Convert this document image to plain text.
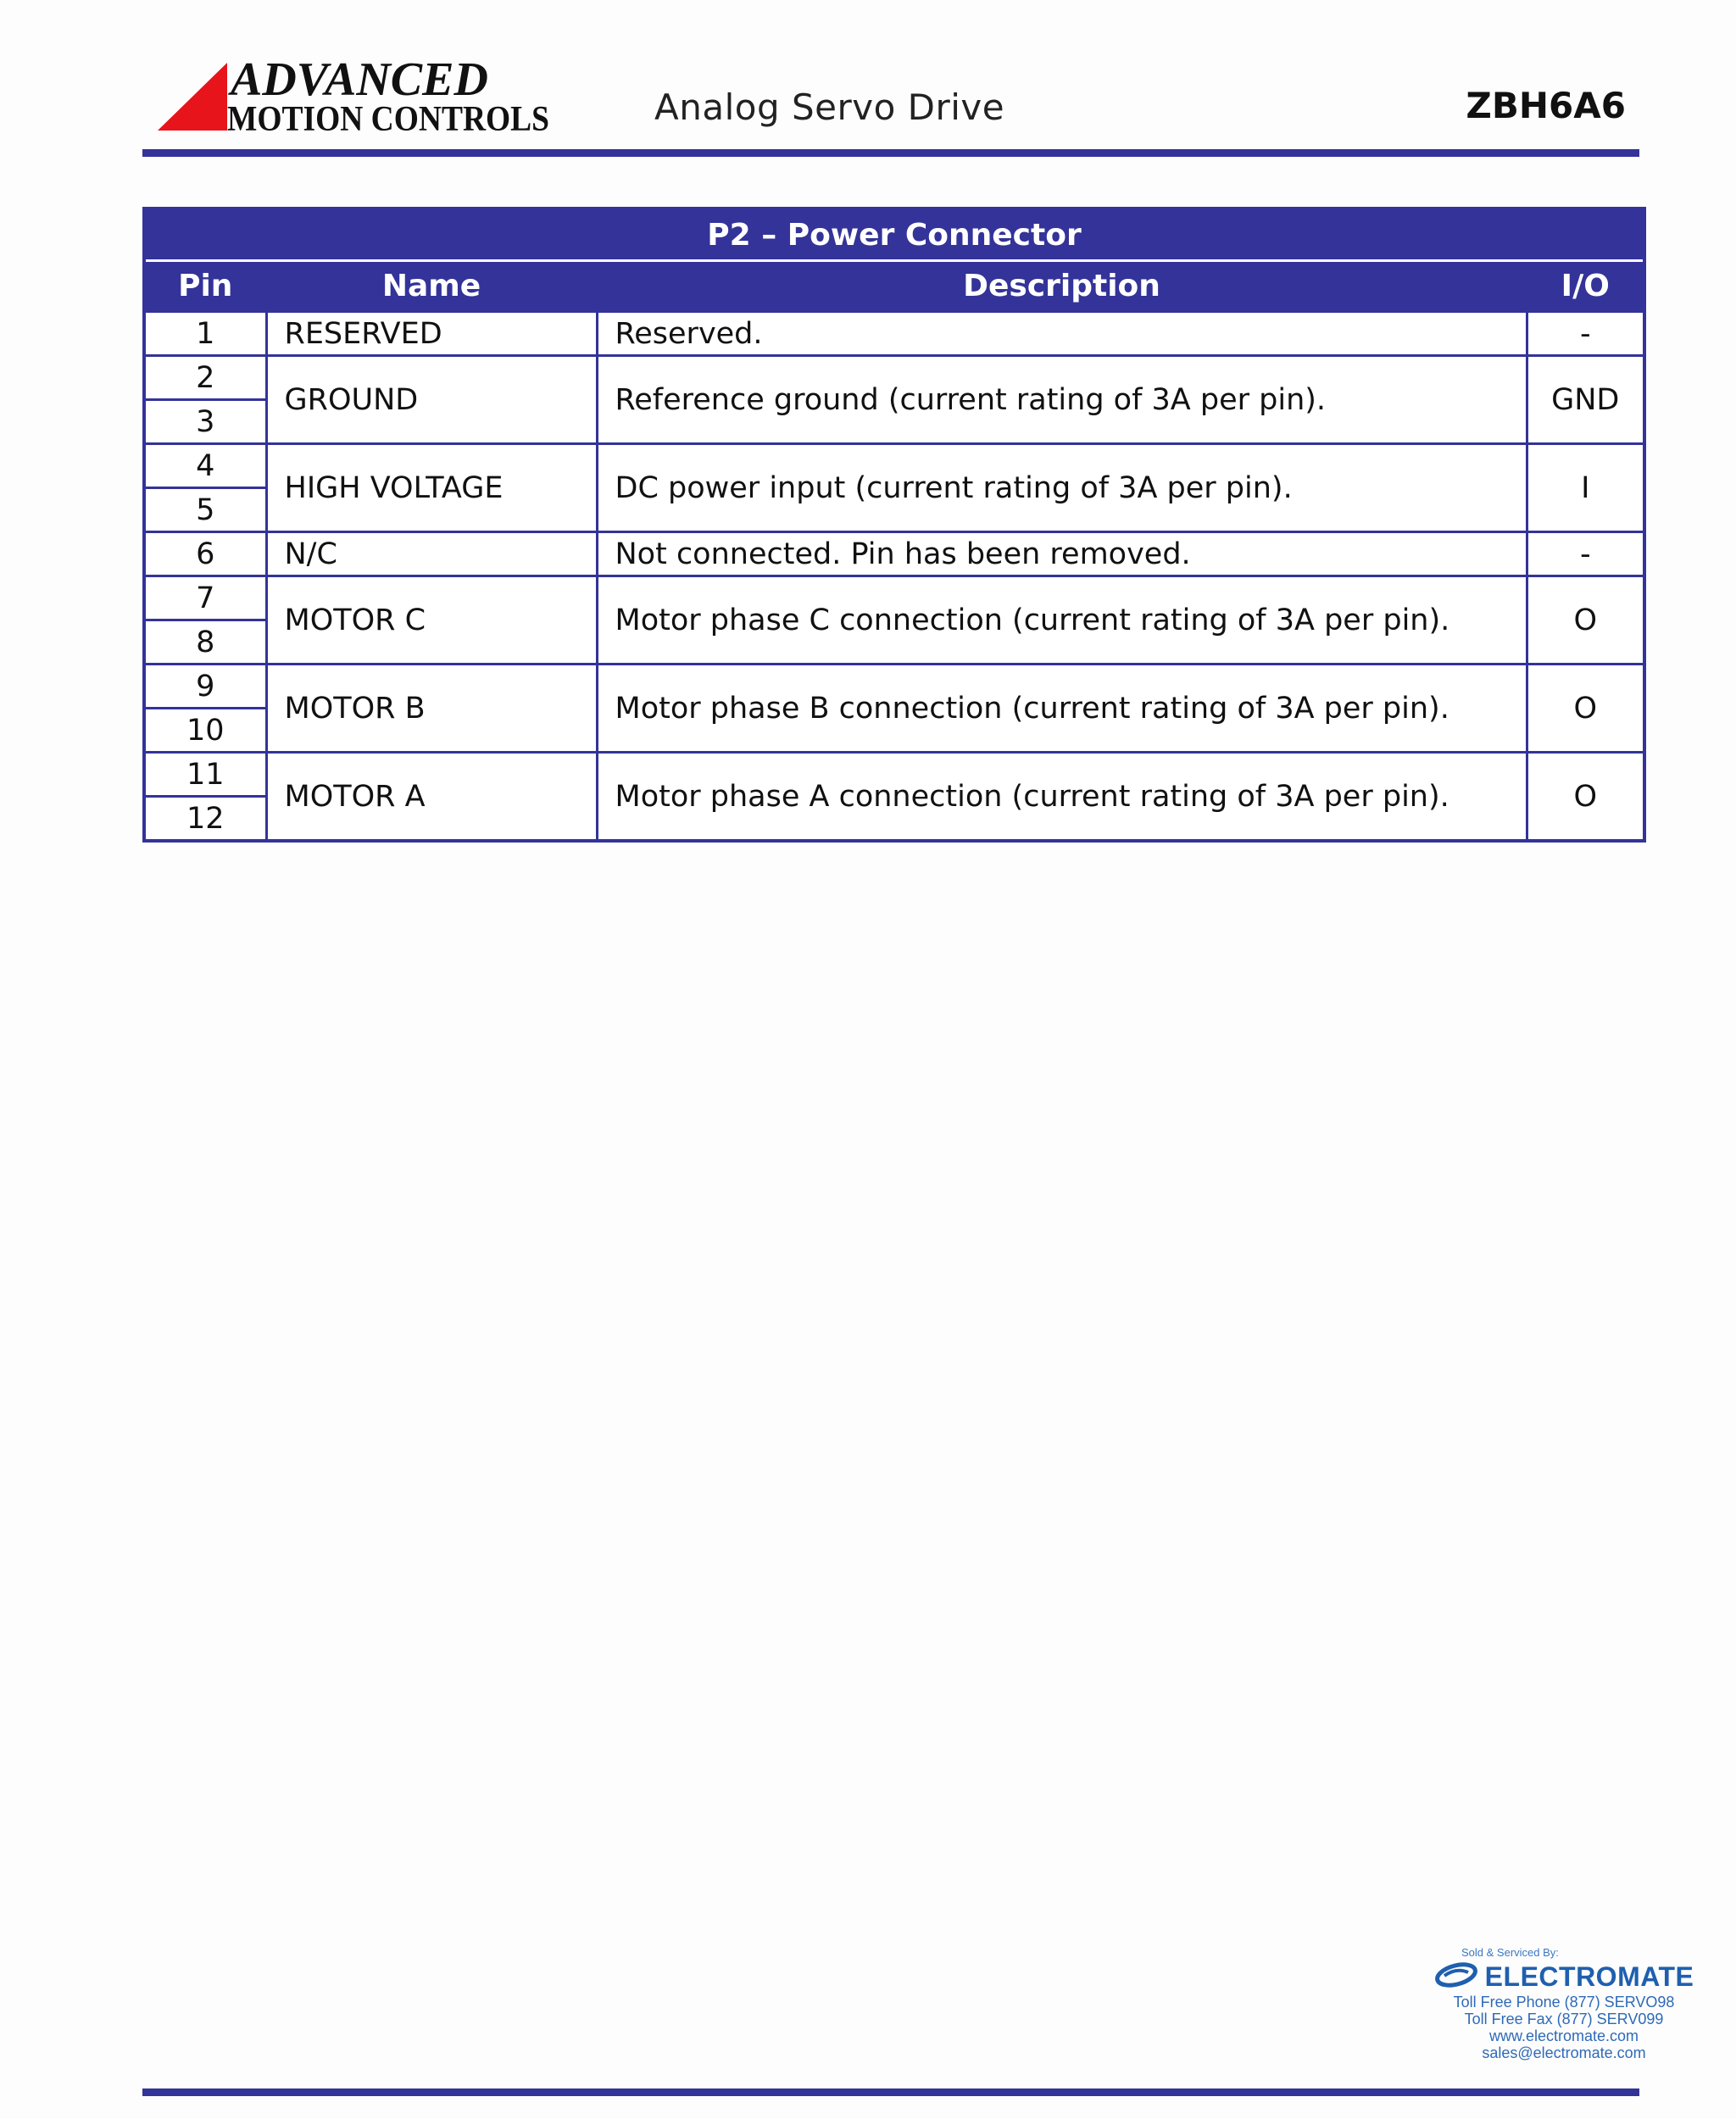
ADVANCED
MOTION CONTROLS	Analog Servo Drive	ZBH6A6
P2 – Power Connector			
Pin	Name	Description	I/O
1	RESERVED	Reserved.	-
2	GROUND	Reference ground (current rating of 3A per pin).	GND
3			
4	HIGH VOLTAGE	DC power input (current rating of 3A per pin).	I
5			
6	N/C	Not connected. Pin has been removed.	-
7	MOTOR C	Motor phase C connection (current rating of 3A per pin).	O
8			
9	MOTOR B	Motor phase B connection (current rating of 3A per pin).	O
10			
11	MOTOR A	Motor phase A connection (current rating of 3A per pin).	O
12			
Sold & Serviced By:
ELECTROMATE
Toll Free Phone (877) SERVO98
Toll Free Fax (877) SERV099
www.electromate.com
sales@electromate.com
